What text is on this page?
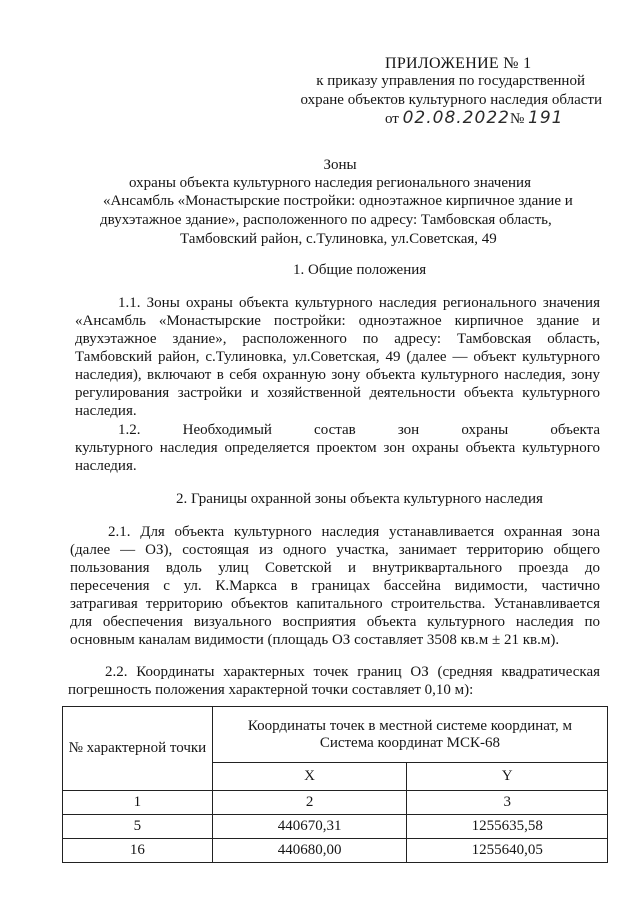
ПРИЛОЖЕНИЕ № 1
к приказу управления по государственной
охране объектов культурного наследия области
от 02.08.2022№ 191
Зоны
охраны объекта культурного наследия регионального значения
«Ансамбль «Монастырские постройки: одноэтажное кирпичное здание и
двухэтажное здание», расположенного по адресу: Тамбовская область,
Тамбовский район, с.Тулиновка, ул.Советская, 49
1. Общие положения
1.1. Зоны охраны объекта культурного наследия регионального значения
«Ансамбль «Монастырские постройки: одноэтажное кирпичное здание и
двухэтажное здание», расположенного по адресу: Тамбовская область,
Тамбовский район, с.Тулиновка, ул.Советская, 49 (далее — объект культурного
наследия), включают в себя охранную зону объекта культурного наследия, зону
регулирования застройки и хозяйственной деятельности объекта культурного
наследия.
1.2. Необходимый состав зон охраны объекта
культурного наследия определяется проектом зон охраны объекта культурного
наследия.
2. Границы охранной зоны объекта культурного наследия
2.1. Для объекта культурного наследия устанавливается охранная зона
(далее — ОЗ), состоящая из одного участка, занимает территорию общего
пользования вдоль улиц Советской и внутриквартального проезда до
пересечения с ул. К.Маркса в границах бассейна видимости, частично
затрагивая территорию объектов капитального строительства. Устанавливается
для обеспечения визуального восприятия объекта культурного наследия по
основным каналам видимости (площадь ОЗ составляет 3508 кв.м ± 21 кв.м).
2.2. Координаты характерных точек границ ОЗ (средняя квадратическая
погрешность положения характерной точки составляет 0,10 м):
№ характерной точки	Координаты точек в местной системе координат, м
Система координат МСК-68	

	X	Y
1	2	3
5	440670,31	1255635,58
16	440680,00	1255640,05
